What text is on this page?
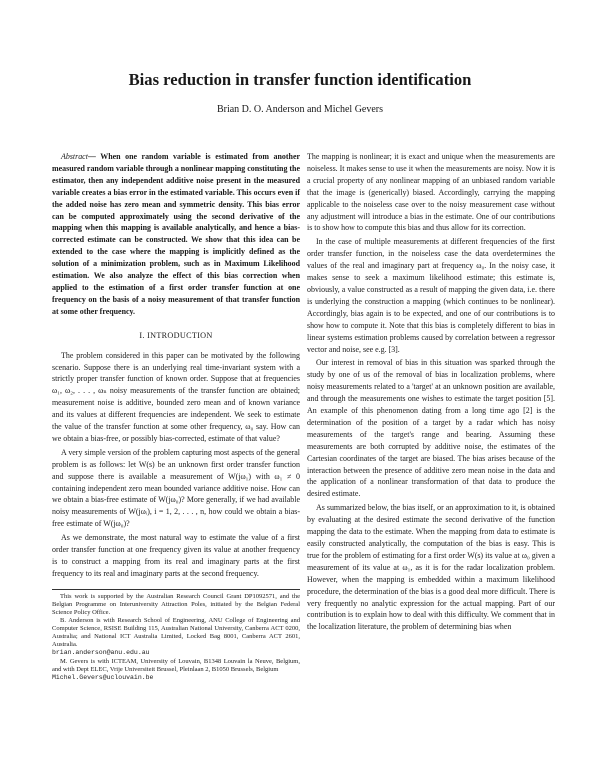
Bias reduction in transfer function identification
Brian D. O. Anderson and Michel Gevers

Abstract— When one random variable is estimated from another measured random variable through a nonlinear mapping constituting the estimator, then any independent additive noise present in the measured variable creates a bias error in the estimated variable. This occurs even if the added noise has zero mean and symmetric density. This bias error can be computed approximately using the second derivative of the mapping when this mapping is available analytically, and hence a bias-corrected estimate can be constructed. We show that this idea can be extended to the case where the mapping is implicitly defined as the solution of a minimization problem, such as in Maximum Likelihood estimation. We also analyze the effect of this bias correction when applied to the estimation of a first order transfer function at one frequency on the basis of a noisy measurement of that transfer function at some other frequency.

I. INTRODUCTION

The problem considered in this paper can be motivated by the following scenario. Suppose there is an underlying real time-invariant system with a strictly proper transfer function of known order. Suppose that at frequencies ω₁, ω₂, . . . , ωₙ noisy measurements of the transfer function are obtained; measurement noise is additive, bounded zero mean and of known variance and its values at different frequencies are independent. We seek to estimate the value of the transfer function at some other frequency, ω₀ say. How can we obtain a bias-free, or possibly bias-corrected, estimate of that value?

A very simple version of the problem capturing most aspects of the general problem is as follows: let W(s) be an unknown first order transfer function and suppose there is available a measurement of W(jω₁) with ω₁ ≠ 0 containing independent zero mean bounded variance additive noise. How can we obtain a bias-free estimate of W(jω₀)? More generally, if we had available noisy measurements of W(jωᵢ), i = 1, 2, . . . , n, how could we obtain a bias-free estimate of W(jω₀)?

As we demonstrate, the most natural way to estimate the value of a first order transfer function at one frequency given its value at another frequency is to construct a mapping from its real and imaginary parts at the first frequency to its real and imaginary parts at the second frequency.

This work is supported by the Australian Research Council Grant DP1092571, and the Belgian Programme on Interuniversity Attraction Poles, initiated by the Belgian Federal Science Policy Office.

B. Anderson is with Research School of Engineering, ANU College of Engineering and Computer Science, RSISE Building 115, Australian National University, Canberra ACT 0200, Australia; and National ICT Australia Limited, Locked Bag 8001, Canberra ACT 2601, Australia.

brian.anderson@anu.edu.au

M. Gevers is with ICTEAM, University of Louvain, B1348 Louvain la Neuve, Belgium, and with Dept ELEC, Vrije Universiteit Brussel, Pleinlaan 2, B1050 Brussels, Belgium

Michel.Gevers@uclouvain.be

The mapping is nonlinear; it is exact and unique when the measurements are noiseless. It makes sense to use it when the measurements are noisy. Now it is a crucial property of any nonlinear mapping of an unbiased random variable that the image is (generically) biased. Accordingly, carrying the mapping applicable to the noiseless case over to the noisy measurement case without any adjustment will introduce a bias in the estimate. One of our contributions is to show how to compute this bias and thus allow for its correction.

In the case of multiple measurements at different frequencies of the first order transfer function, in the noiseless case the data overdetermines the values of the real and imaginary part at frequency ω₀. In the noisy case, it makes sense to seek a maximum likelihood estimate; this estimate is, obviously, a value constructed as a result of mapping the given data, i.e. there is underlying the construction a mapping (which continues to be nonlinear). Accordingly, bias again is to be expected, and one of our contributions is to show how to compute it. Note that this bias is completely different to bias in linear systems estimation problems caused by correlation between a regressor vector and noise, see e.g. [3].

Our interest in removal of bias in this situation was sparked through the study by one of us of the removal of bias in localization problems, where noisy measurements related to a 'target' at an unknown position are available, and through the measurements one wishes to estimate the target position [5]. An example of this phenomenon dating from a long time ago [2] is the determination of the position of a target by a radar which has noisy measurements of the target's range and bearing. Assuming these measurements are both corrupted by additive noise, the estimates of the Cartesian coordinates of the target are biased. The bias arises because of the interaction between the presence of additive zero mean noise in the data and the application of a nonlinear transformation of that data to produce the desired estimate.

As summarized below, the bias itself, or an approximation to it, is obtained by evaluating at the desired estimate the second derivative of the function mapping the data to the estimate. When the mapping from data to estimate is easily constructed analytically, the computation of the bias is easy. This is true for the problem of estimating for a first order W(s) its value at ω₀ given a measurement of its value at ω₁, as it is for the radar localization problem. However, when the mapping is embedded within a maximum likelihood procedure, the determination of the bias is a good deal more difficult. There is very frequently no analytic expression for the actual mapping. Part of our contribution is to explain how to deal with this difficulty. We comment that in the localization literature, the problem of determining bias when
